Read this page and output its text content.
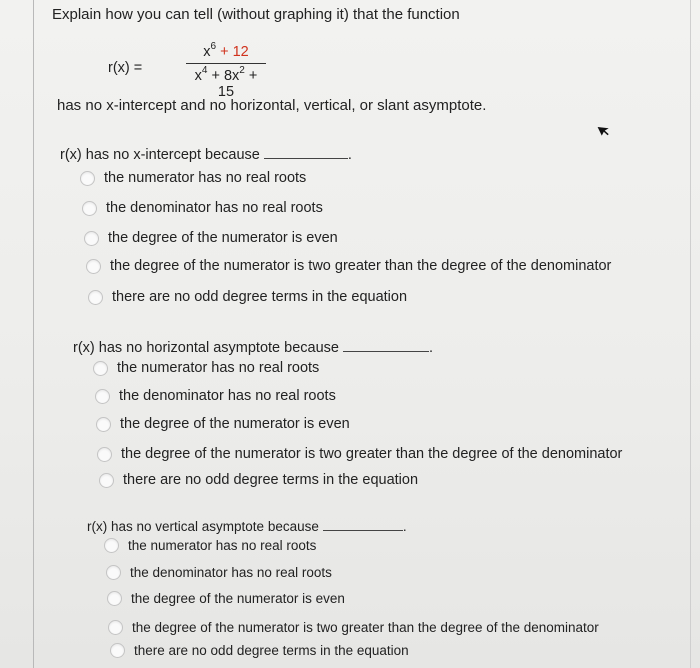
Explain how you can tell (without graphing it) that the function
r(x) =
$x^6 + 12$
$x^4 + 8x^2 + 15$
has no x-intercept and no horizontal, vertical, or slant asymptote.
r(x) has no x-intercept because	.
the numerator has no real roots
the denominator has no real roots
the degree of the numerator is even
the degree of the numerator is two greater than the degree of the denominator
there are no odd degree terms in the equation
r(x) has no horizontal asymptote because	.
the numerator has no real roots
the denominator has no real roots
the degree of the numerator is even
the degree of the numerator is two greater than the degree of the denominator
there are no odd degree terms in the equation
r(x) has no vertical asymptote because	.
the numerator has no real roots
the denominator has no real roots
the degree of the numerator is even
the degree of the numerator is two greater than the degree of the denominator
there are no odd degree terms in the equation
